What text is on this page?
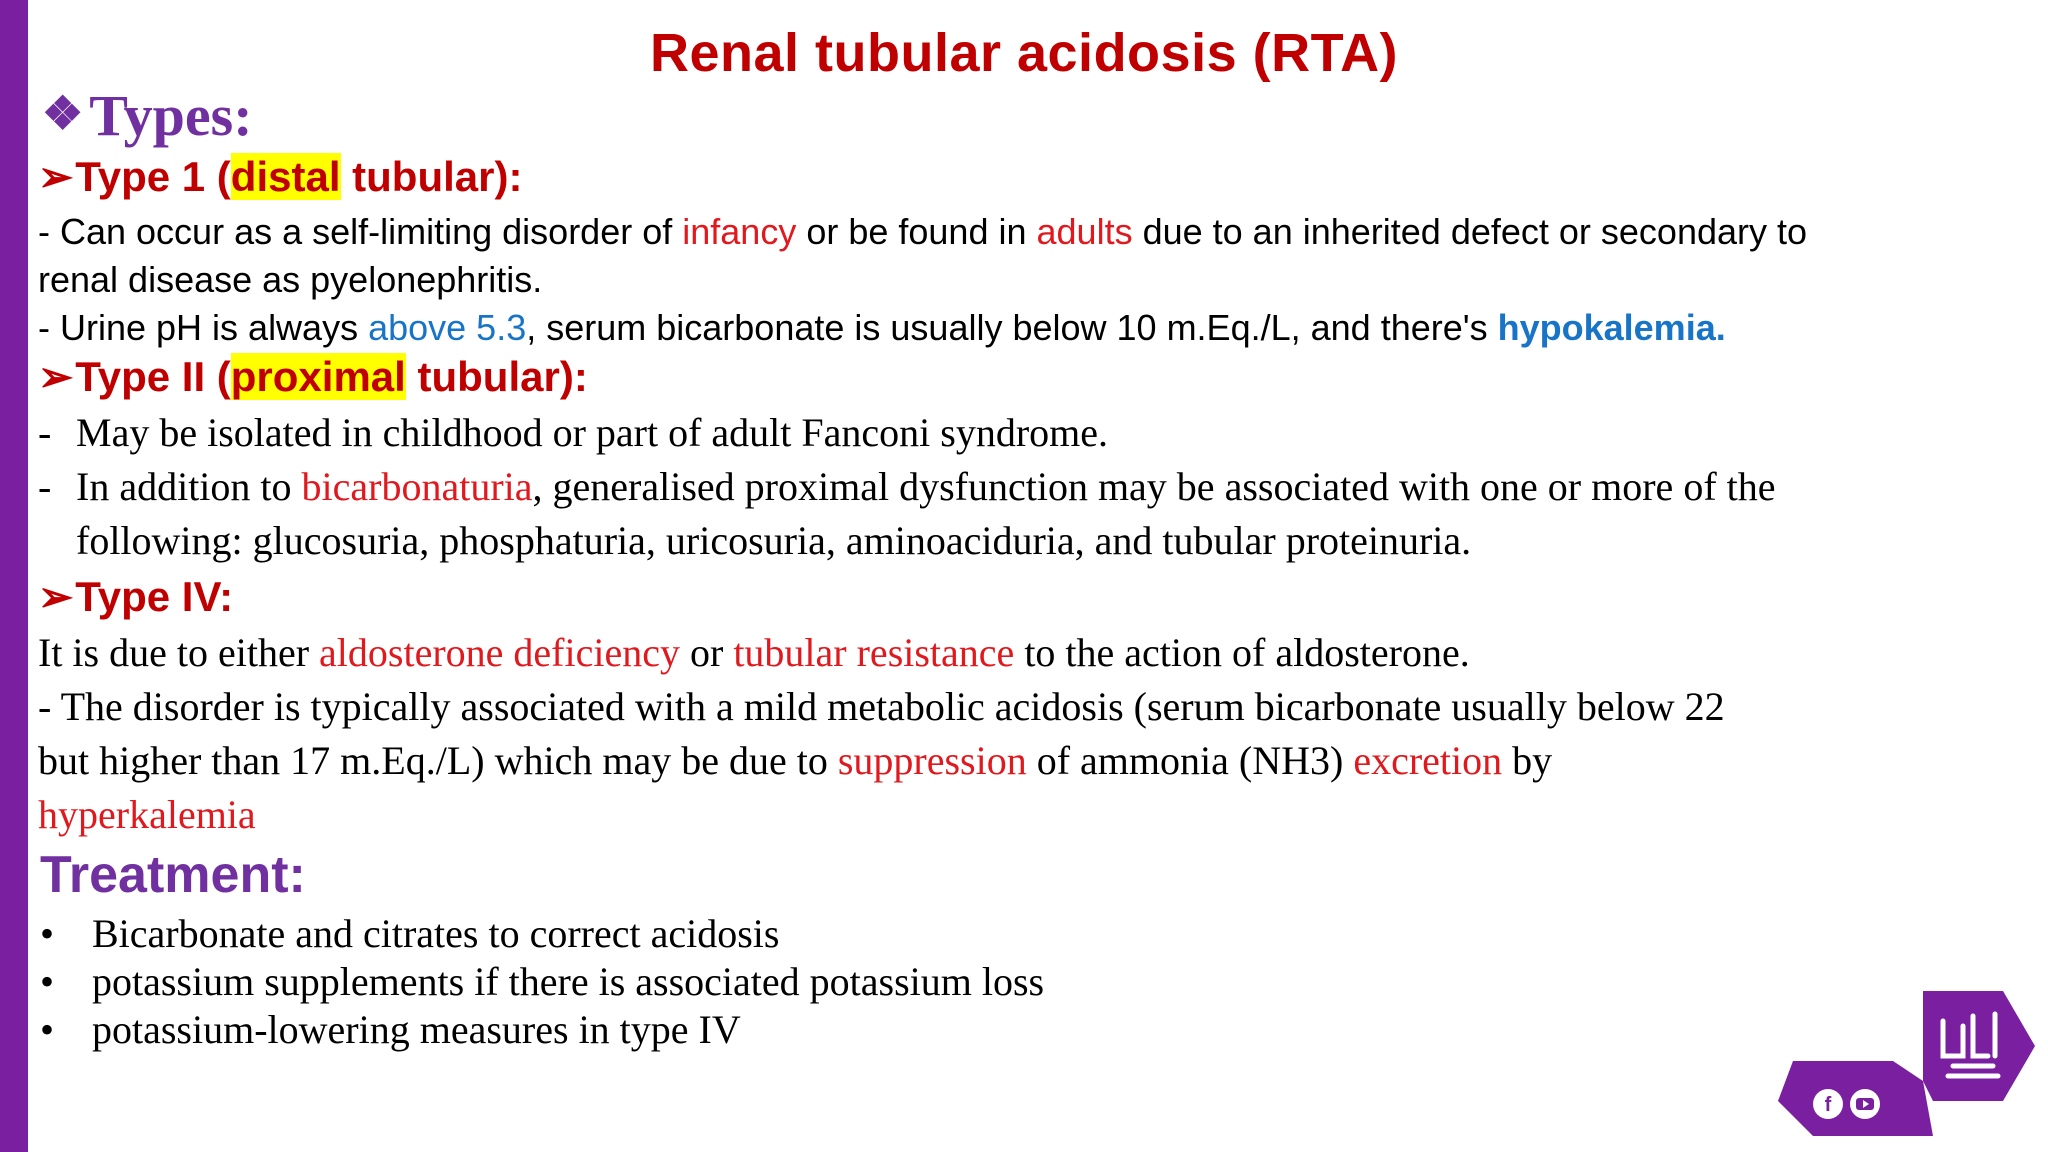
Renal tubular acidosis (RTA)
❖ Types:
➢Type 1 (distal tubular):
- Can occur as a self-limiting disorder of infancy or be found in adults due to an inherited defect or secondary to
renal disease as pyelonephritis.
- Urine pH is always above 5.3, serum bicarbonate is usually below 10 m.Eq./L, and there's hypokalemia.
➢Type II (proximal tubular):
- May be isolated in childhood or part of adult Fanconi syndrome.
- In addition to bicarbonaturia, generalised proximal dysfunction may be associated with one or more of the
following: glucosuria, phosphaturia, uricosuria, aminoaciduria, and tubular proteinuria.
➢Type IV:
It is due to either aldosterone deficiency or tubular resistance to the action of aldosterone.
- The disorder is typically associated with a mild metabolic acidosis (serum bicarbonate usually below 22
but higher than 17 m.Eq./L) which may be due to suppression of ammonia (NH3) excretion by
hyperkalemia
Treatment:
• Bicarbonate and citrates to correct acidosis
• potassium supplements if there is associated potassium loss
• potassium-lowering measures in type IV
f
